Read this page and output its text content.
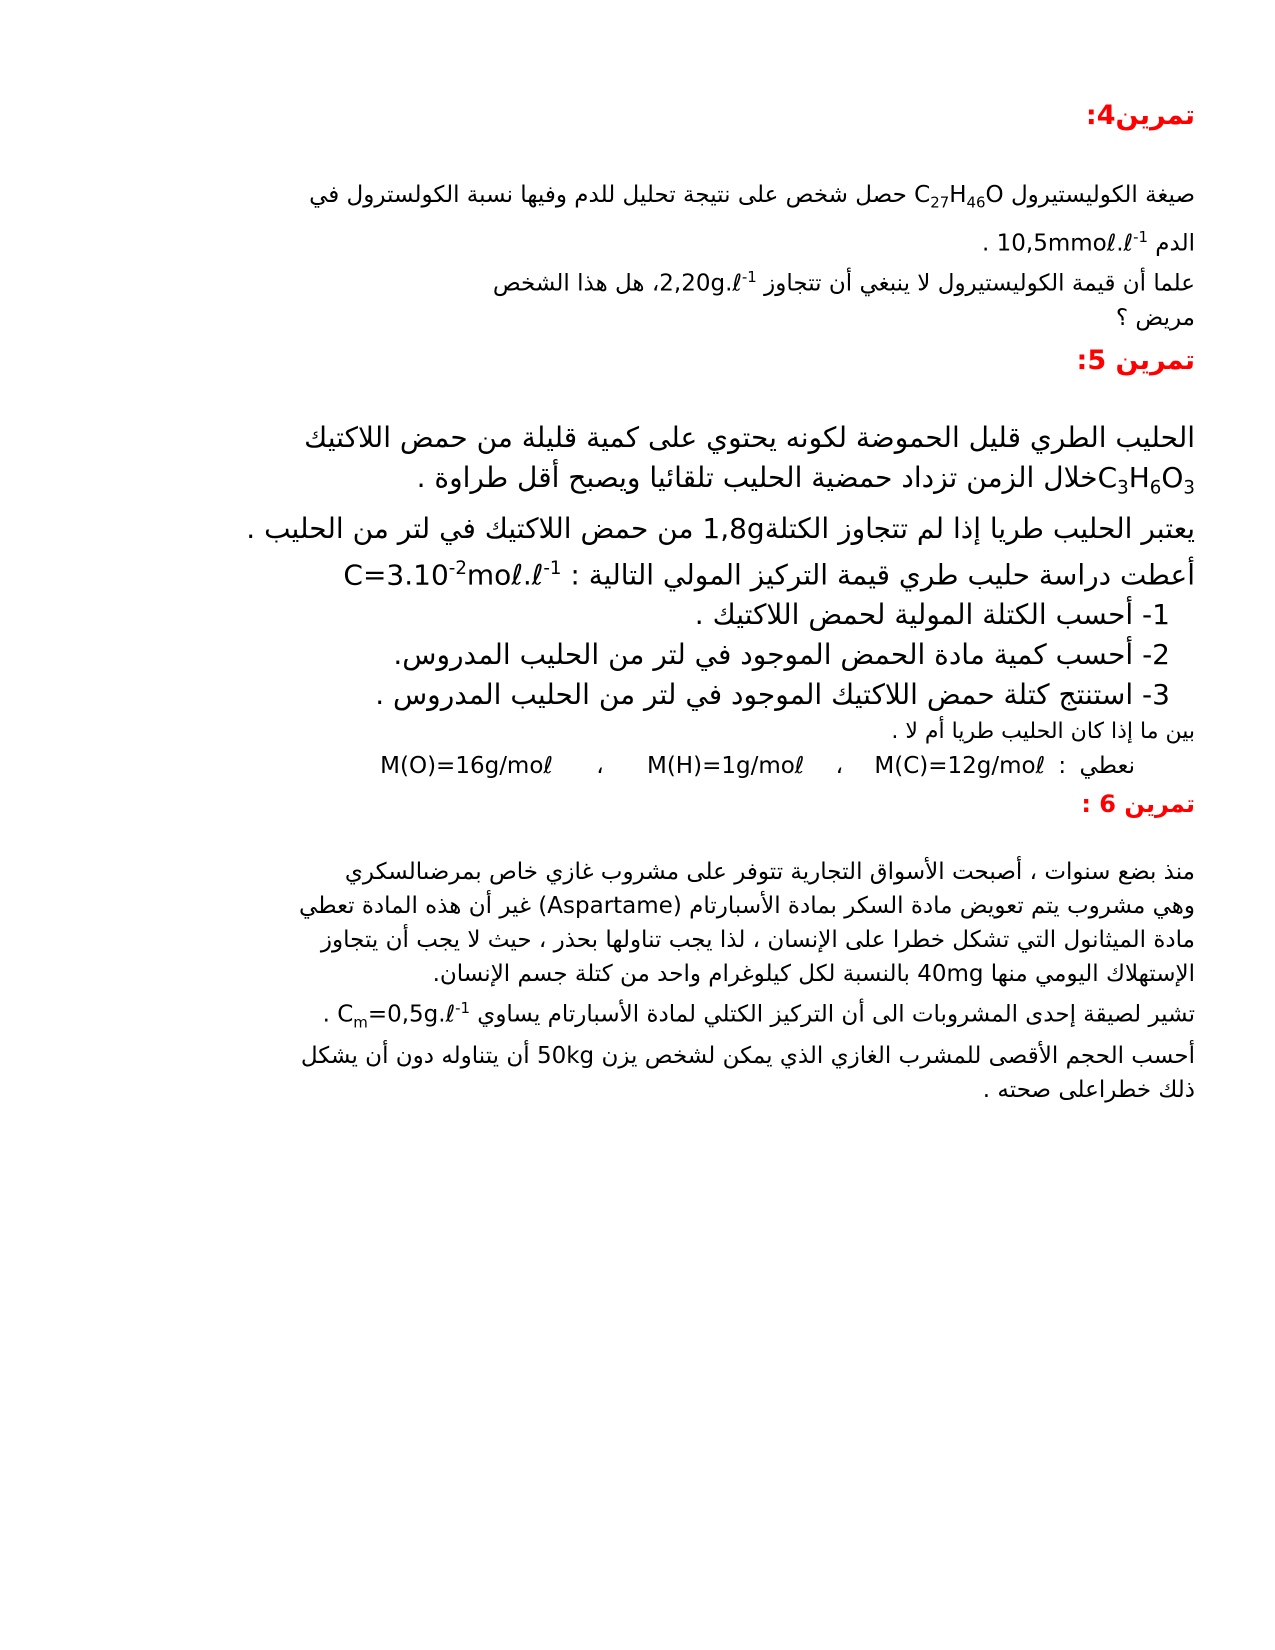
تمرين4:

صيغة الكوليستيرول $C_{27}H_{46}O$ حصل شخص على نتيجة تحليل للدم وفيها نسبة الكولسترول في

الدم 10,5mmoℓ.ℓ$^{-1}$ .

علما أن قيمة الكوليستيرول لا ينبغي أن تتجاوز 2,20g.ℓ$^{-1}$، هل هذا الشخص

مريض ؟

تمرين 5:

الحليب الطري قليل الحموضة لكونه يحتوي على كمية قليلة من حمض اللاكتيك

$C_3H_6O_3خلال$ الزمن تزداد حمضية الحليب تلقائيا ويصبح أقل طراوة .

يعتبر الحليب طريا إذا لم تتجاوز الكتلة1,8g من حمض اللاكتيك في لتر من الحليب .

أعطت دراسة حليب طري قيمة التركيز المولي التالية : $C=3.10^{-2}mo\ell.\ell^{-1}$

1- أحسب الكتلة المولية لحمض اللاكتيك .

2- أحسب كمية مادة الحمض الموجود في لتر من الحليب المدروس.

3- استنتج كتلة حمض اللاكتيك الموجود في لتر من الحليب المدروس .

بين ما إذا كان الحليب طريا أم لا .

نعطي : M(C)=12g/moℓ ، M(H)=1g/moℓ ، M(O)=16g/moℓ

تمرين 6 :

منذ بضع سنوات ، أصبحت الأسواق التجارية تتوفر على مشروب غازي خاص بمرضىالسكري

وهي مشروب يتم تعويض مادة السكر بمادة الأسبارتام (Aspartame) غير أن هذه المادة تعطي

مادة الميثانول التي تشكل خطرا على الإنسان ، لذا يجب تناولها بحذر ، حيث لا يجب أن يتجاوز

الإستهلاك اليومي منها 40mg بالنسبة لكل كيلوغرام واحد من كتلة جسم الإنسان.

تشير لصيقة إحدى المشروبات الى أن التركيز الكتلي لمادة الأسبارتام يساوي $C_m=0,5g.\ell^{-1}$ .

أحسب الحجم الأقصى للمشرب الغازي الذي يمكن لشخص يزن 50kg أن يتناوله دون أن يشكل

ذلك خطراعلى صحته .
